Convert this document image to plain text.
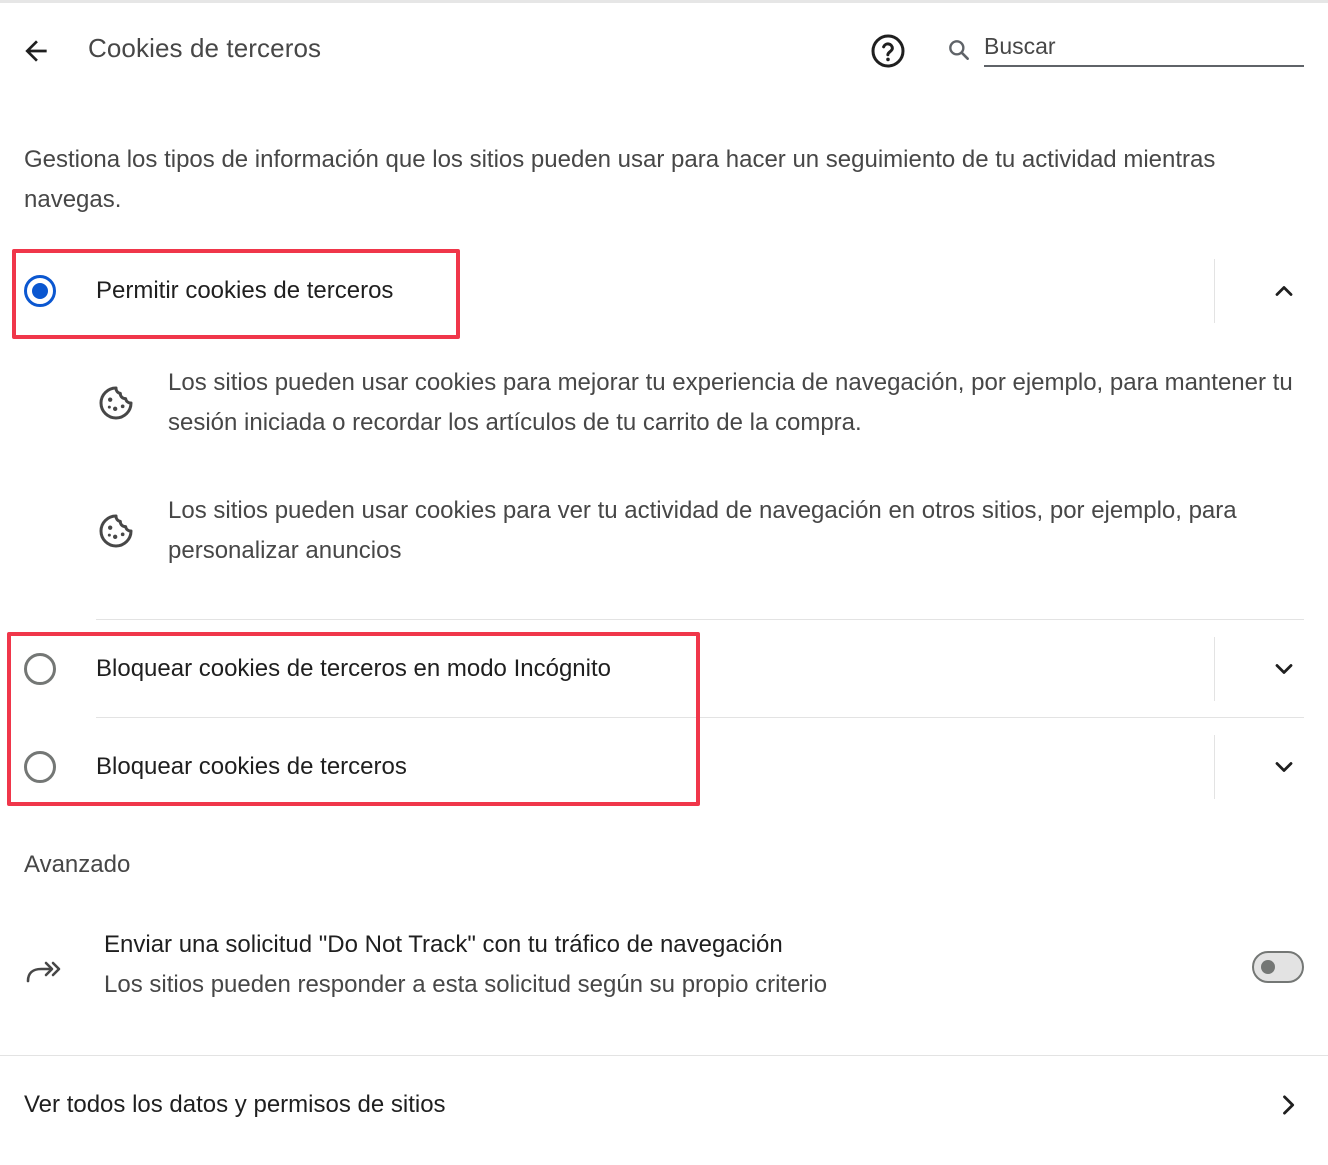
Cookies de terceros
Buscar
Gestiona los tipos de información que los sitios pueden usar para hacer un seguimiento de tu actividad mientras navegas.
Permitir cookies de terceros
Los sitios pueden usar cookies para mejorar tu experiencia de navegación, por ejemplo, para mantener tu sesión iniciada o recordar los artículos de tu carrito de la compra.
Los sitios pueden usar cookies para ver tu actividad de navegación en otros sitios, por ejemplo, para personalizar anuncios
Bloquear cookies de terceros en modo Incógnito
Bloquear cookies de terceros
Avanzado
Enviar una solicitud "Do Not Track" con tu tráfico de navegación
Los sitios pueden responder a esta solicitud según su propio criterio
Ver todos los datos y permisos de sitios
